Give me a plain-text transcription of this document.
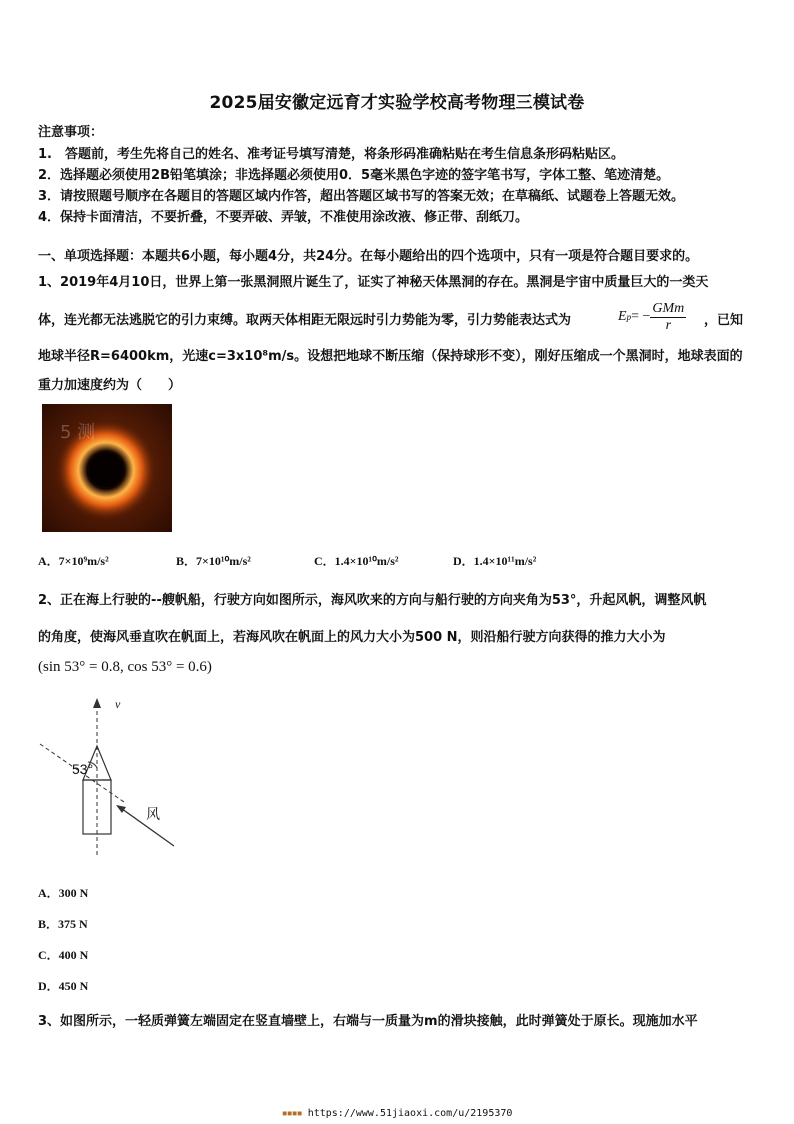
2025届安徽定远育才实验学校高考物理三模试卷
注意事项：
1.　答题前，考生先将自己的姓名、准考证号填写清楚，将条形码准确粘贴在考生信息条形码粘贴区。
2．选择题必须使用2B铅笔填涂；非选择题必须使用0．5毫米黑色字迹的签字笔书写，字体工整、笔迹清楚。
3．请按照题号顺序在各题目的答题区域内作答，超出答题区域书写的答案无效；在草稿纸、试题卷上答题无效。
4．保持卡面清洁，不要折叠，不要弄破、弄皱，不准使用涂改液、修正带、刮纸刀。
一、单项选择题：本题共6小题，每小题4分，共24分。在每小题给出的四个选项中，只有一项是符合题目要求的。
1、2019年4月10日，世界上第一张黑洞照片诞生了，证实了神秘天体黑洞的存在。黑洞是宇宙中质量巨大的一类天
体，连光都无法逃脱它的引力束缚。取两天体相距无限远时引力势能为零，引力势能表达式为	E p = −
GMm
r	，已知
地球半径R=6400km，光速c=3x10⁸m/s。设想把地球不断压缩（保持球形不变），刚好压缩成一个黑洞时，地球表面的
重力加速度约为（　　）
5 测
A．7×10⁹m/s²	B．7×10¹⁰m/s²	C．1.4×10¹⁰m/s²	D．1.4×10¹¹m/s²
2、正在海上行驶的--艘帆船，行驶方向如图所示，海风吹来的方向与船行驶的方向夹角为53°，升起风帆，调整风帆
的角度，使海风垂直吹在帆面上，若海风吹在帆面上的风力大小为500 N，则沿船行驶方向获得的推力大小为
(sin 53° = 0.8, cos 53° = 0.6)
v
53°
风
A．300 N
B．375 N
C．400 N
D．450 N
3、如图所示，一轻质弹簧左端固定在竖直墙壁上，右端与一质量为m的滑块接触，此时弹簧处于原长。现施加水平
▪▪▪▪ https://www.51jiaoxi.com/u/2195370
